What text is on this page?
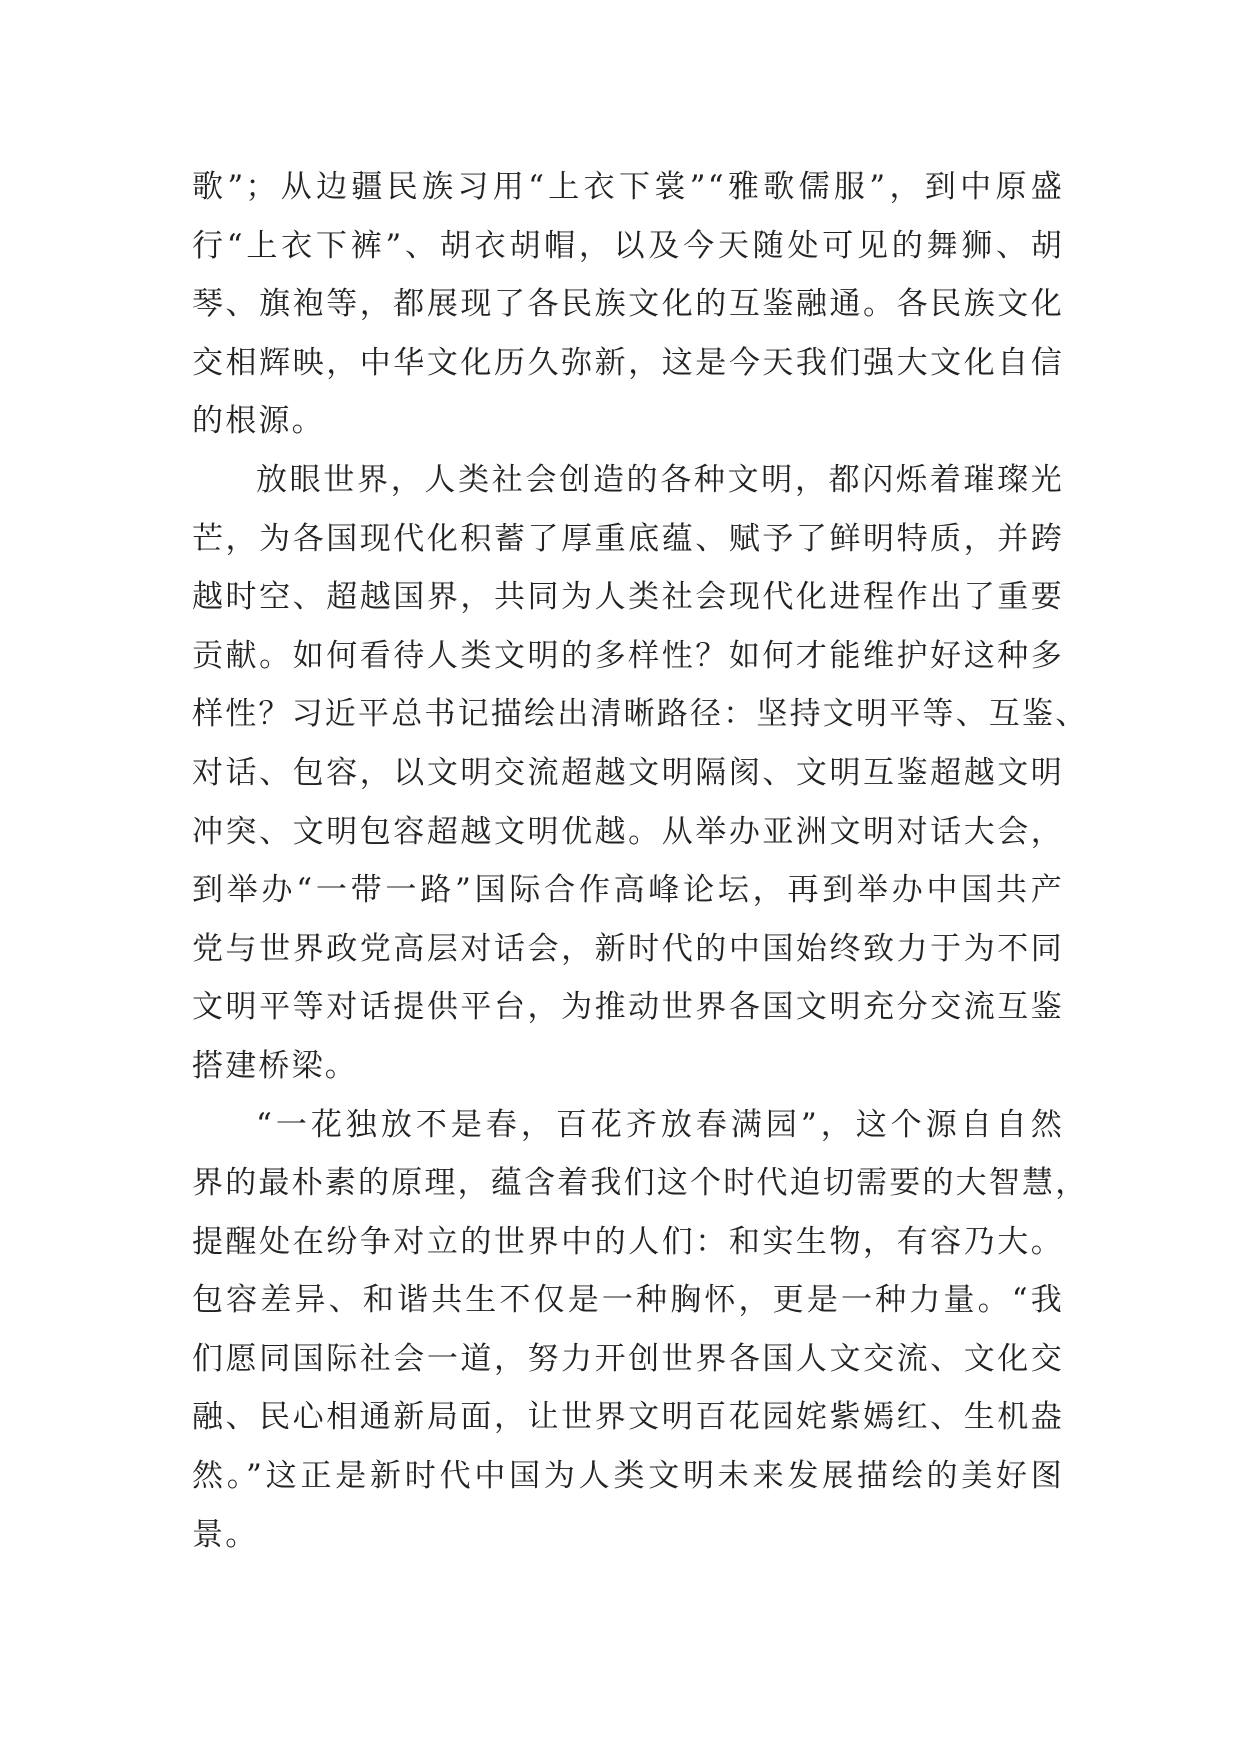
歌”；从边疆民族习用“上衣下裳”“雅歌儒服”，到中原盛
行“上衣下裤”、胡衣胡帽，以及今天随处可见的舞狮、胡
琴、旗袍等，都展现了各民族文化的互鉴融通。各民族文化
交相辉映，中华文化历久弥新，这是今天我们强大文化自信
的根源。
放眼世界，人类社会创造的各种文明，都闪烁着璀璨光
芒，为各国现代化积蓄了厚重底蕴、赋予了鲜明特质，并跨
越时空、超越国界，共同为人类社会现代化进程作出了重要
贡献。如何看待人类文明的多样性？如何才能维护好这种多
样性？习近平总书记描绘出清晰路径：坚持文明平等、互鉴、
对话、包容，以文明交流超越文明隔阂、文明互鉴超越文明
冲突、文明包容超越文明优越。从举办亚洲文明对话大会，
到举办“一带一路”国际合作高峰论坛，再到举办中国共产
党与世界政党高层对话会，新时代的中国始终致力于为不同
文明平等对话提供平台，为推动世界各国文明充分交流互鉴
搭建桥梁。
“一花独放不是春，百花齐放春满园”，这个源自自然
界的最朴素的原理，蕴含着我们这个时代迫切需要的大智慧，
提醒处在纷争对立的世界中的人们：和实生物，有容乃大。
包容差异、和谐共生不仅是一种胸怀，更是一种力量。“我
们愿同国际社会一道，努力开创世界各国人文交流、文化交
融、民心相通新局面，让世界文明百花园姹紫嫣红、生机盎
然。”这正是新时代中国为人类文明未来发展描绘的美好图
景。
